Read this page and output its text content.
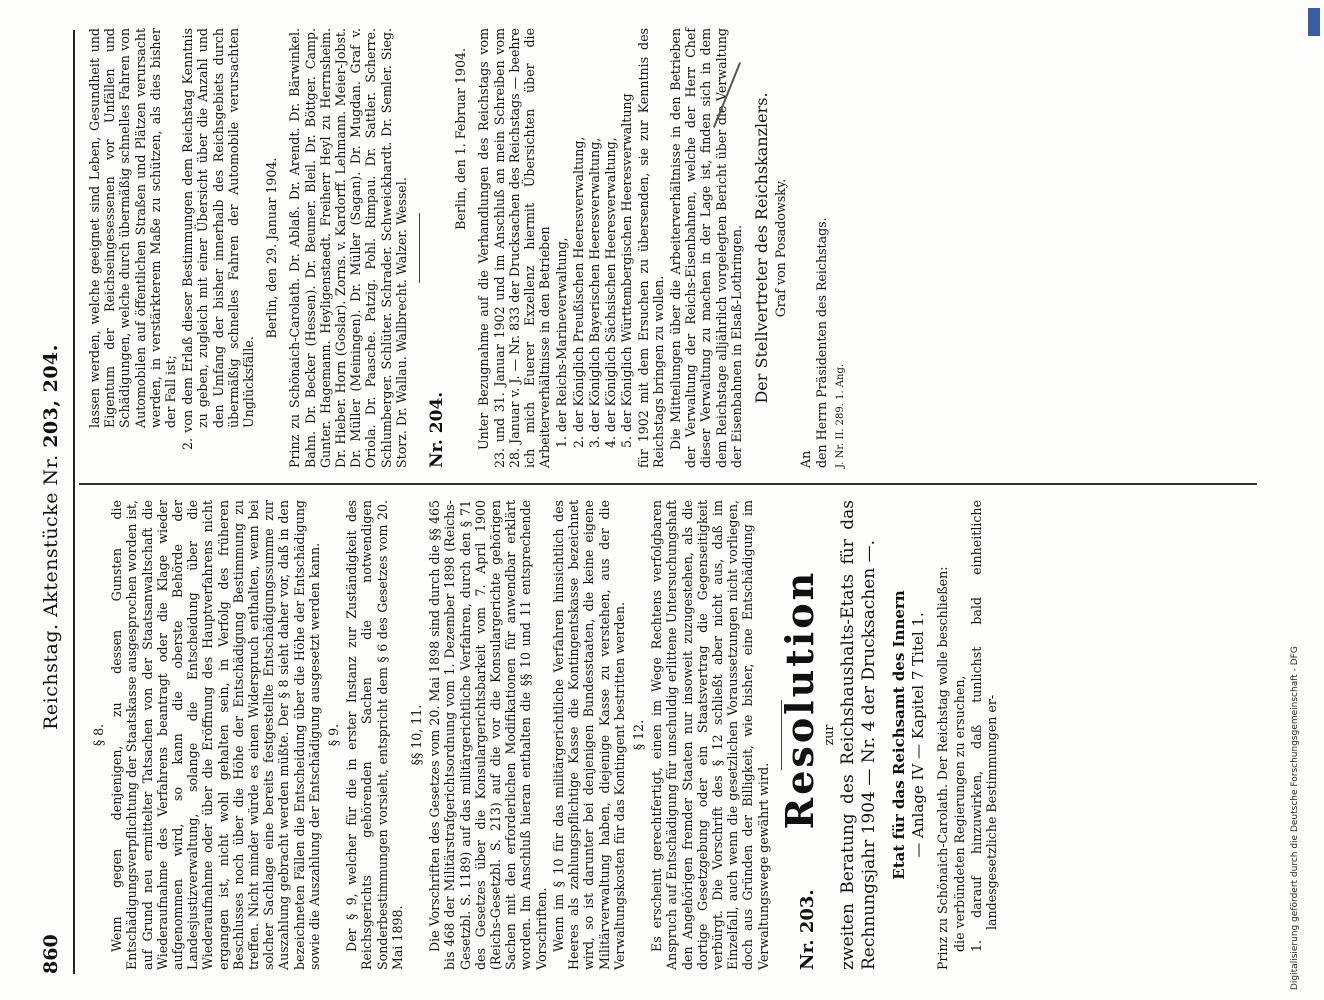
860
Reichstag. Aktenstücke Nr. 203, 204.

§ 8. Wenn gegen denjenigen, zu dessen Gunsten die Entschädigungsverpflichtung der Staatskasse ausgesprochen worden ist, auf Grund neu ermittelter Tatsachen von der Staatsanwaltschaft die Wiederaufnahme des Verfahrens beantragt oder die Klage wieder aufgenommen wird, so kann die oberste Behörde der Landesjustizverwaltung, solange die Entscheidung über die Wiederaufnahme oder über die Eröffnung des Hauptverfahrens nicht ergangen ist, nicht wohl gehalten sein, in Verfolg des früheren Beschlusses noch über die Höhe der Entschädigung Bestimmung zu treffen. Nicht minder würde es einen Widerspruch enthalten, wenn bei solcher Sachlage eine bereits festgestellte Entschädigungssumme zur Auszahlung gebracht werden müßte. Der § 8 sieht daher vor, daß in den bezeichneten Fällen die Entscheidung über die Höhe der Entschädigung sowie die Auszahlung der Entschädigung ausgesetzt werden kann. § 9. Der § 9, welcher für die in erster Instanz zur Zuständigkeit des Reichsgerichts gehörenden Sachen die notwendigen Sonderbestimmungen vorsieht, entspricht dem § 6 des Gesetzes vom 20. Mai 1898.

§§ 10, 11. Die Vorschriften des Gesetzes vom 20. Mai 1898 sind durch die §§ 465 bis 468 der Militärstrafgerichtsordnung vom 1. Dezember 1898 (Reichs-Gesetzbl. S. 1189) auf das militärgerichtliche Verfahren, durch den § 71 des Gesetzes über die Konsulargerichtsbarkeit vom 7. April 1900 (Reichs-Gesetzbl. S. 213) auf die vor die Konsulargerichte gehörigen Sachen mit den erforderlichen Modifikationen für anwendbar erklärt worden. Im Anschluß hieran enthalten die §§ 10 und 11 entsprechende Vorschriften. Wenn im § 10 für das militärgerichtliche Verfahren hinsichtlich des Heeres als zahlungspflichtige Kasse die Kontingentskasse bezeichnet wird, so ist darunter bei denjenigen Bundesstaaten, die keine eigene Militärverwaltung haben, diejenige Kasse zu verstehen, aus der die Verwaltungskosten für das Kontingent bestritten werden. § 12. Es erscheint gerechtfertigt, einen im Wege Rechtens verfolgbaren Anspruch auf Entschädigung für unschuldig erlittene Untersuchungshaft den Angehörigen fremder Staaten nur insoweit zuzugestehen, als die dortige Gesetzgebung oder ein Staatsvertrag die Gegenseitigkeit verbürgt. Die Vorschrift des § 12 schließt aber nicht aus, daß im Einzelfall, auch wenn die gesetzlichen Voraussetzungen nicht vorliegen, doch aus Gründen der Billigkeit, wie bisher, eine Entschädigung im Verwaltungswege gewährt wird. Nr. 203.Resolution zur zweiten Beratung des Reichshaushalts-Etats für das Rechnungsjahr 1904 — Nr. 4 der Drucksachen —. Etat für das Reichsamt des Innern — Anlage IV — Kapitel 7 Titel 1. Prinz zu Schönaich-Carolath. Der Reichstag wolle beschließen: die verbündeten Regierungen zu ersuchen, 1. darauf hinzuwirken, daß tunlichst bald einheitliche landesgesetzliche Bestimmungen er-

lassen werden, welche geeignet sind Leben, Gesundheit und Eigentum der Reichseingesessenen vor Unfällen und Schädigungen, welche durch übermäßig schnelles Fahren von Automobilen auf öffentlichen Straßen und Plätzen verursacht werden, in verstärkterem Maße zu schützen, als dies bisher der Fall ist; 2. von dem Erlaß dieser Bestimmungen dem Reichstag Kenntnis zu geben, zugleich mit einer Übersicht über die Anzahl und den Umfang der bisher innerhalb des Reichsgebiets durch übermäßig schnelles Fahren der Automobile verursachten Unglücksfälle.

Berlin, den 29. Januar 1904. Prinz zu Schönaich-Carolath. Dr. Ablaß. Dr. Arendt. Dr. Bärwinkel. Bahn. Dr. Becker (Hessen). Dr. Beumer. Bleil. Dr. Böttger. Camp. Gunter. Hagemann. Heyligenstaedt. Freiherr Heyl zu Herrnsheim. Dr. Hieber. Horn (Goslar). Zorns. v. Kardorff. Lehmann. Meier-Jobst. Dr. Müller (Meiningen). Dr. Müller (Sagan). Dr. Mugdan. Graf v. Oriola. Dr. Paasche. Patzig. Pohl. Rimpau. Dr. Sattler. Scherre. Schlumberger. Schlüter. Schrader. Schweickhardt. Dr. Semler. Sieg. Storz. Dr. Wallau. Wallbrecht. Walzer. Wessel. Nr. 204.

Berlin, den 1. Februar 1904. Unter Bezugnahme auf die Verhandlungen des Reichstags vom 23. und 31. Januar 1902 und im Anschluß an mein Schreiben vom 28. Januar v. J. — Nr. 833 der Drucksachen des Reichstags — beehre ich mich Euerer Exzellenz hiermit Übersichten über die Arbeiterverhältnisse in den Betrieben 1. der Reichs-Marineverwaltung, 2. der Königlich Preußischen Heeresverwaltung, 3. der Königlich Bayerischen Heeresverwaltung, 4. der Königlich Sächsischen Heeresverwaltung, 5. der Königlich Württembergischen Heeresverwaltung für 1902 mit dem Ersuchen zu übersenden, sie zur Kenntnis des Reichstags bringen zu wollen. Die Mitteilungen über die Arbeiterverhältnisse in den Betrieben der Verwaltung der Reichs-Eisenbahnen, welche der Herr Chef dieser Verwaltung zu machen in der Lage ist, finden sich in dem dem Reichstage alljährlich vorgelegten Bericht über die Verwaltung der Eisenbahnen in Elsaß-Lothringen. Der Stellvertreter des Reichskanzlers. Graf von Posadowsky.

An den Herrn Präsidenten des Reichstags. J. Nr. II. 289. 1. Ang.

Digitalisierung gefördert durch die Deutsche Forschungsgemeinschaft - DFG
